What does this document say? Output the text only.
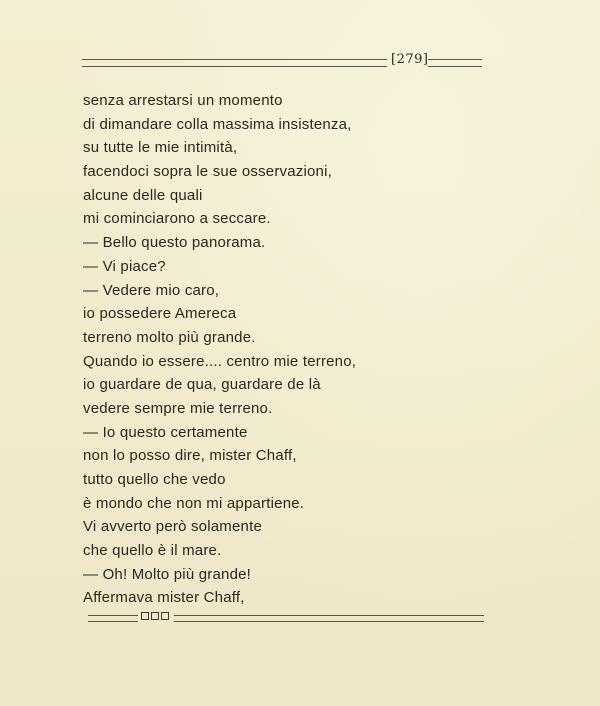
[279]
senza arrestarsi un momento
di dimandare colla massima insistenza,
su tutte le mie intimità,
facendoci sopra le sue osservazioni,
alcune delle quali
mi cominciarono a seccare.
— Bello questo panorama.
— Vi piace?
— Vedere mio caro,
io possedere Amereca
terreno molto più grande.
Quando io essere.... centro mie terreno,
io guardare de qua, guardare de là
vedere sempre mie terreno.
— Io questo certamente
non lo posso dire, mister Chaff,
tutto quello che vedo
è mondo che non mi appartiene.
Vi avverto però solamente
che quello è il mare.
— Oh! Molto più grande!
Affermava mister Chaff,
